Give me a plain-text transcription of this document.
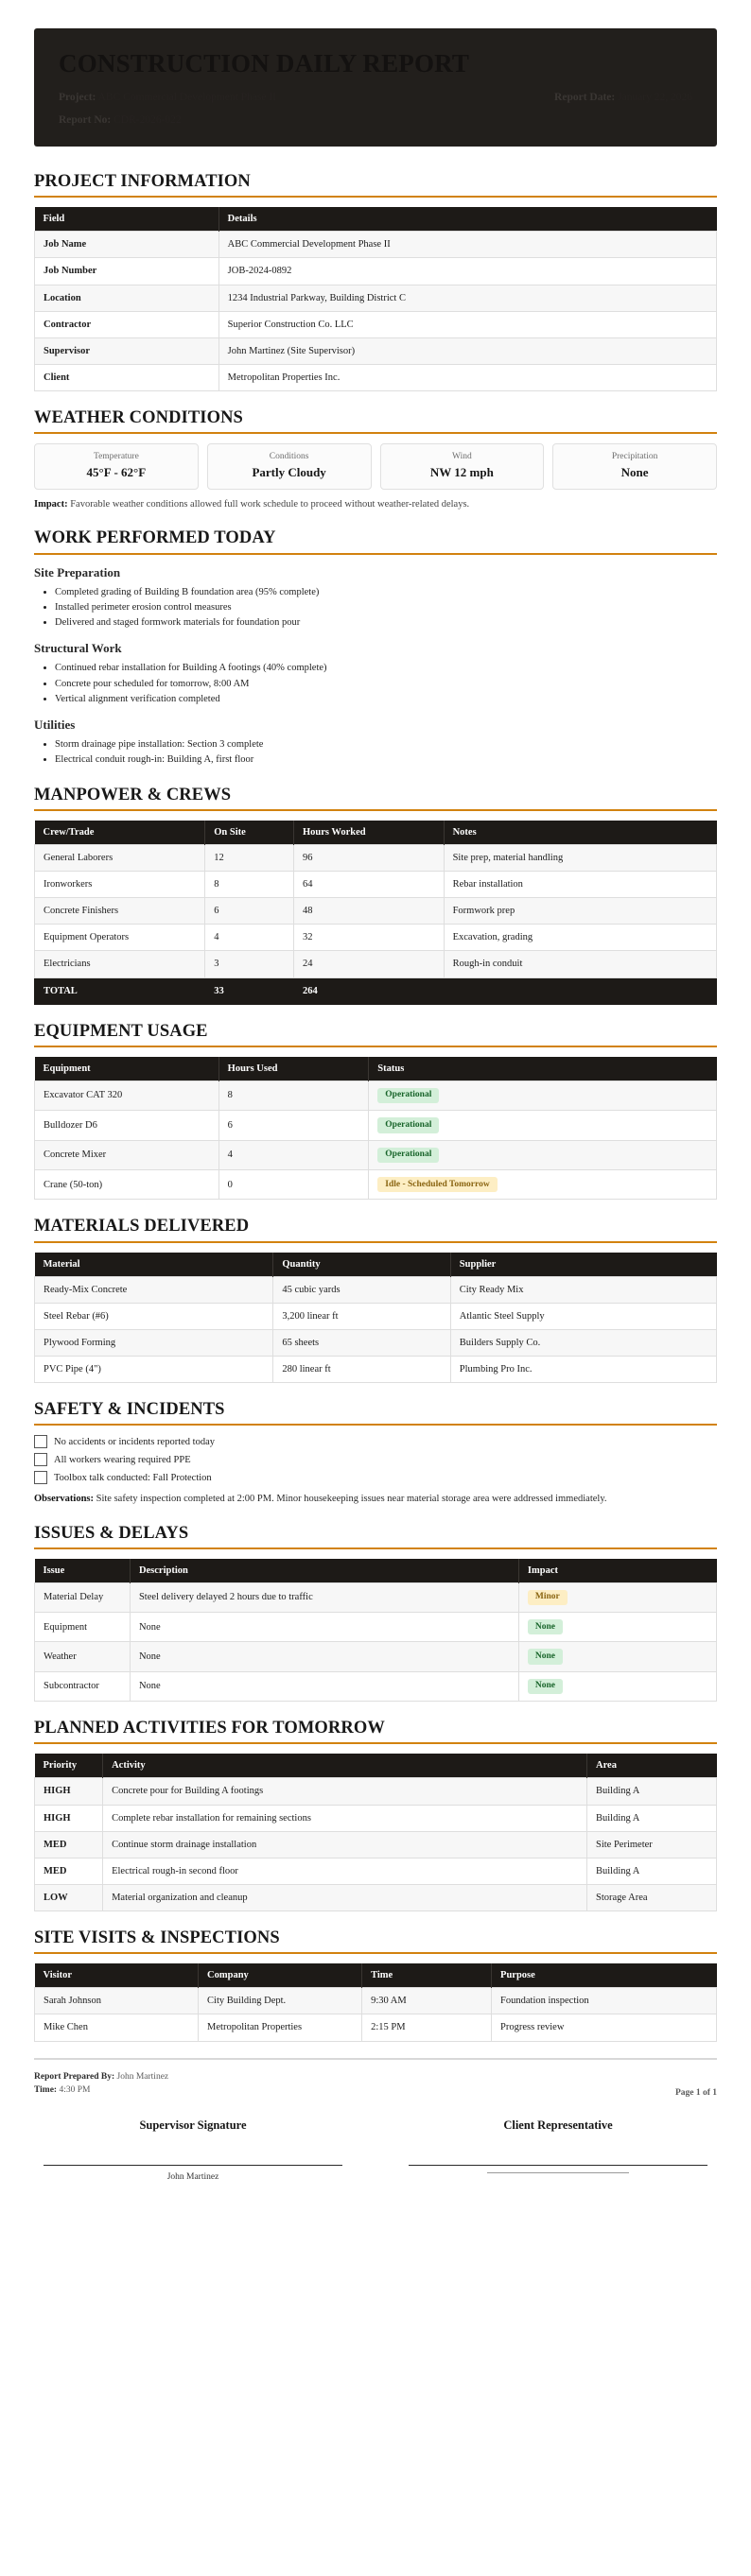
CONSTRUCTION DAILY REPORT
Project: ABC Commercial Development Phase II	Report Date: January 22, 2026
Report No: CDR-2026-022
PROJECT INFORMATION
Field	Details
Job Name	ABC Commercial Development Phase II
Job Number	JOB-2024-0892
Location	1234 Industrial Parkway, Building District C
Contractor	Superior Construction Co. LLC
Supervisor	John Martinez (Site Supervisor)
Client	Metropolitan Properties Inc.
WEATHER CONDITIONS
Temperature
45°F - 62°F
Conditions
Partly Cloudy
Wind
NW 12 mph
Precipitation
None
Impact: Favorable weather conditions allowed full work schedule to proceed without weather-related delays.
WORK PERFORMED TODAY
Site Preparation
• Completed grading of Building B foundation area (95% complete)
• Installed perimeter erosion control measures
• Delivered and staged formwork materials for foundation pour
Structural Work
• Continued rebar installation for Building A footings (40% complete)
• Concrete pour scheduled for tomorrow, 8:00 AM
• Vertical alignment verification completed
Utilities
• Storm drainage pipe installation: Section 3 complete
• Electrical conduit rough-in: Building A, first floor
MANPOWER & CREWS
Crew/Trade	On Site	Hours Worked	Notes
General Laborers	12	96	Site prep, material handling
Ironworkers	8	64	Rebar installation
Concrete Finishers	6	48	Formwork prep
Equipment Operators	4	32	Excavation, grading
Electricians	3	24	Rough-in conduit
TOTAL	33	264	
EQUIPMENT USAGE
Equipment	Hours Used	Status
Excavator CAT 320	8	Operational
Bulldozer D6	6	Operational
Concrete Mixer	4	Operational
Crane (50-ton)	0	Idle - Scheduled Tomorrow
MATERIALS DELIVERED
Material	Quantity	Supplier
Ready-Mix Concrete	45 cubic yards	City Ready Mix
Steel Rebar (#6)	3,200 linear ft	Atlantic Steel Supply
Plywood Forming	65 sheets	Builders Supply Co.
PVC Pipe (4")	280 linear ft	Plumbing Pro Inc.
SAFETY & INCIDENTS
No accidents or incidents reported today
All workers wearing required PPE
Toolbox talk conducted: Fall Protection
Observations: Site safety inspection completed at 2:00 PM. Minor housekeeping issues near material storage area were addressed immediately.
ISSUES & DELAYS
Issue	Description	Impact
Material Delay	Steel delivery delayed 2 hours due to traffic	Minor
Equipment	None	None
Weather	None	None
Subcontractor	None	None
PLANNED ACTIVITIES FOR TOMORROW
Priority	Activity	Area
HIGH	Concrete pour for Building A footings	Building A
HIGH	Complete rebar installation for remaining sections	Building A
MED	Continue storm drainage installation	Site Perimeter
MED	Electrical rough-in second floor	Building A
LOW	Material organization and cleanup	Storage Area
SITE VISITS & INSPECTIONS
Visitor	Company	Time	Purpose
Sarah Johnson	City Building Dept.	9:30 AM	Foundation inspection
Mike Chen	Metropolitan Properties	2:15 PM	Progress review
Report Prepared By: John Martinez
Time: 4:30 PM	Page 1 of 1
Supervisor Signature
John Martinez
Client Representative
